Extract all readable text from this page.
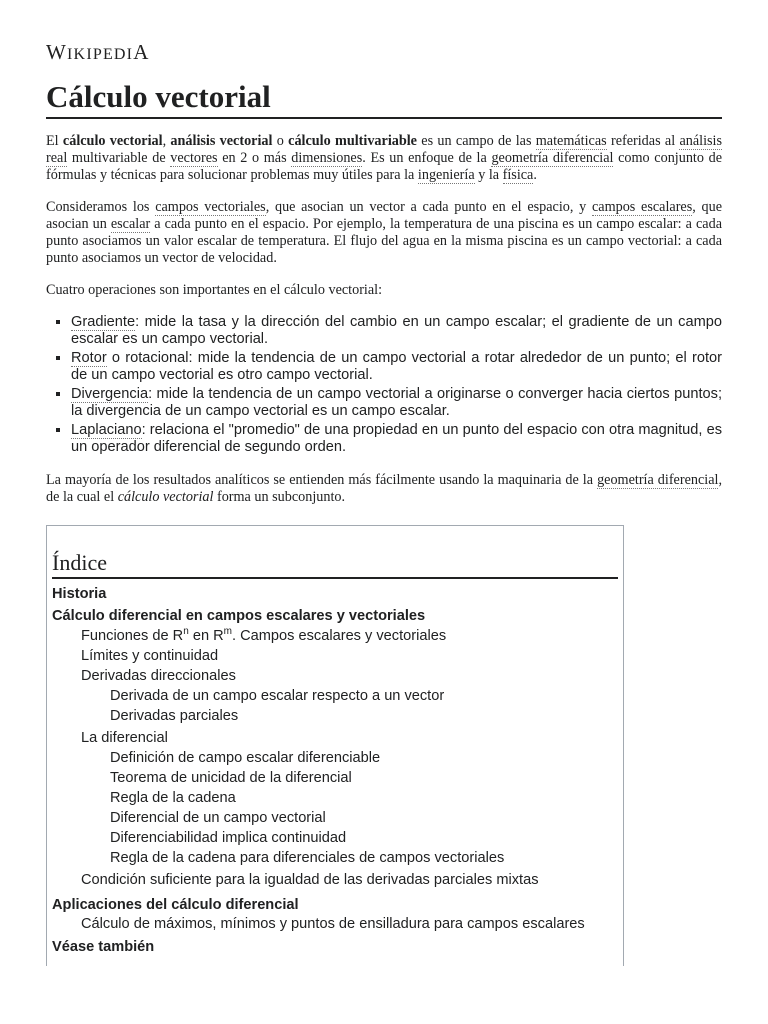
WIKIPEDIA
Cálculo vectorial

El cálculo vectorial, análisis vectorial o cálculo multivariable es un campo de las matemáticas referidas al análisis real multivariable de vectores en 2 o más dimensiones. Es un enfoque de la geometría diferencial como conjunto de fórmulas y técnicas para solucionar problemas muy útiles para la ingeniería y la física.

Consideramos los campos vectoriales, que asocian un vector a cada punto en el espacio, y campos escalares, que asocian un escalar a cada punto en el espacio. Por ejemplo, la temperatura de una piscina es un campo escalar: a cada punto asociamos un valor escalar de temperatura. El flujo del agua en la misma piscina es un campo vectorial: a cada punto asociamos un vector de velocidad.

Cuatro operaciones son importantes en el cálculo vectorial:

▪ Gradiente: mide la tasa y la dirección del cambio en un campo escalar; el gradiente de un campo escalar es un campo vectorial.
▪ Rotor o rotacional: mide la tendencia de un campo vectorial a rotar alrededor de un punto; el rotor de un campo vectorial es otro campo vectorial.
▪ Divergencia: mide la tendencia de un campo vectorial a originarse o converger hacia ciertos puntos; la divergencia de un campo vectorial es un campo escalar.
▪ Laplaciano: relaciona el "promedio" de una propiedad en un punto del espacio con otra magnitud, es un operador diferencial de segundo orden.

La mayoría de los resultados analíticos se entienden más fácilmente usando la maquinaria de la geometría diferencial, de la cual el cálculo vectorial forma un subconjunto.

Índice
Historia
Cálculo diferencial en campos escalares y vectoriales
Funciones de $R^n$ en $R^m$. Campos escalares y vectoriales
Límites y continuidad
Derivadas direccionales
Derivada de un campo escalar respecto a un vector
Derivadas parciales
La diferencial
Definición de campo escalar diferenciable
Teorema de unicidad de la diferencial
Regla de la cadena
Diferencial de un campo vectorial
Diferenciabilidad implica continuidad
Regla de la cadena para diferenciales de campos vectoriales
Condición suficiente para la igualdad de las derivadas parciales mixtas
Aplicaciones del cálculo diferencial
Cálculo de máximos, mínimos y puntos de ensilladura para campos escalares
Véase también
